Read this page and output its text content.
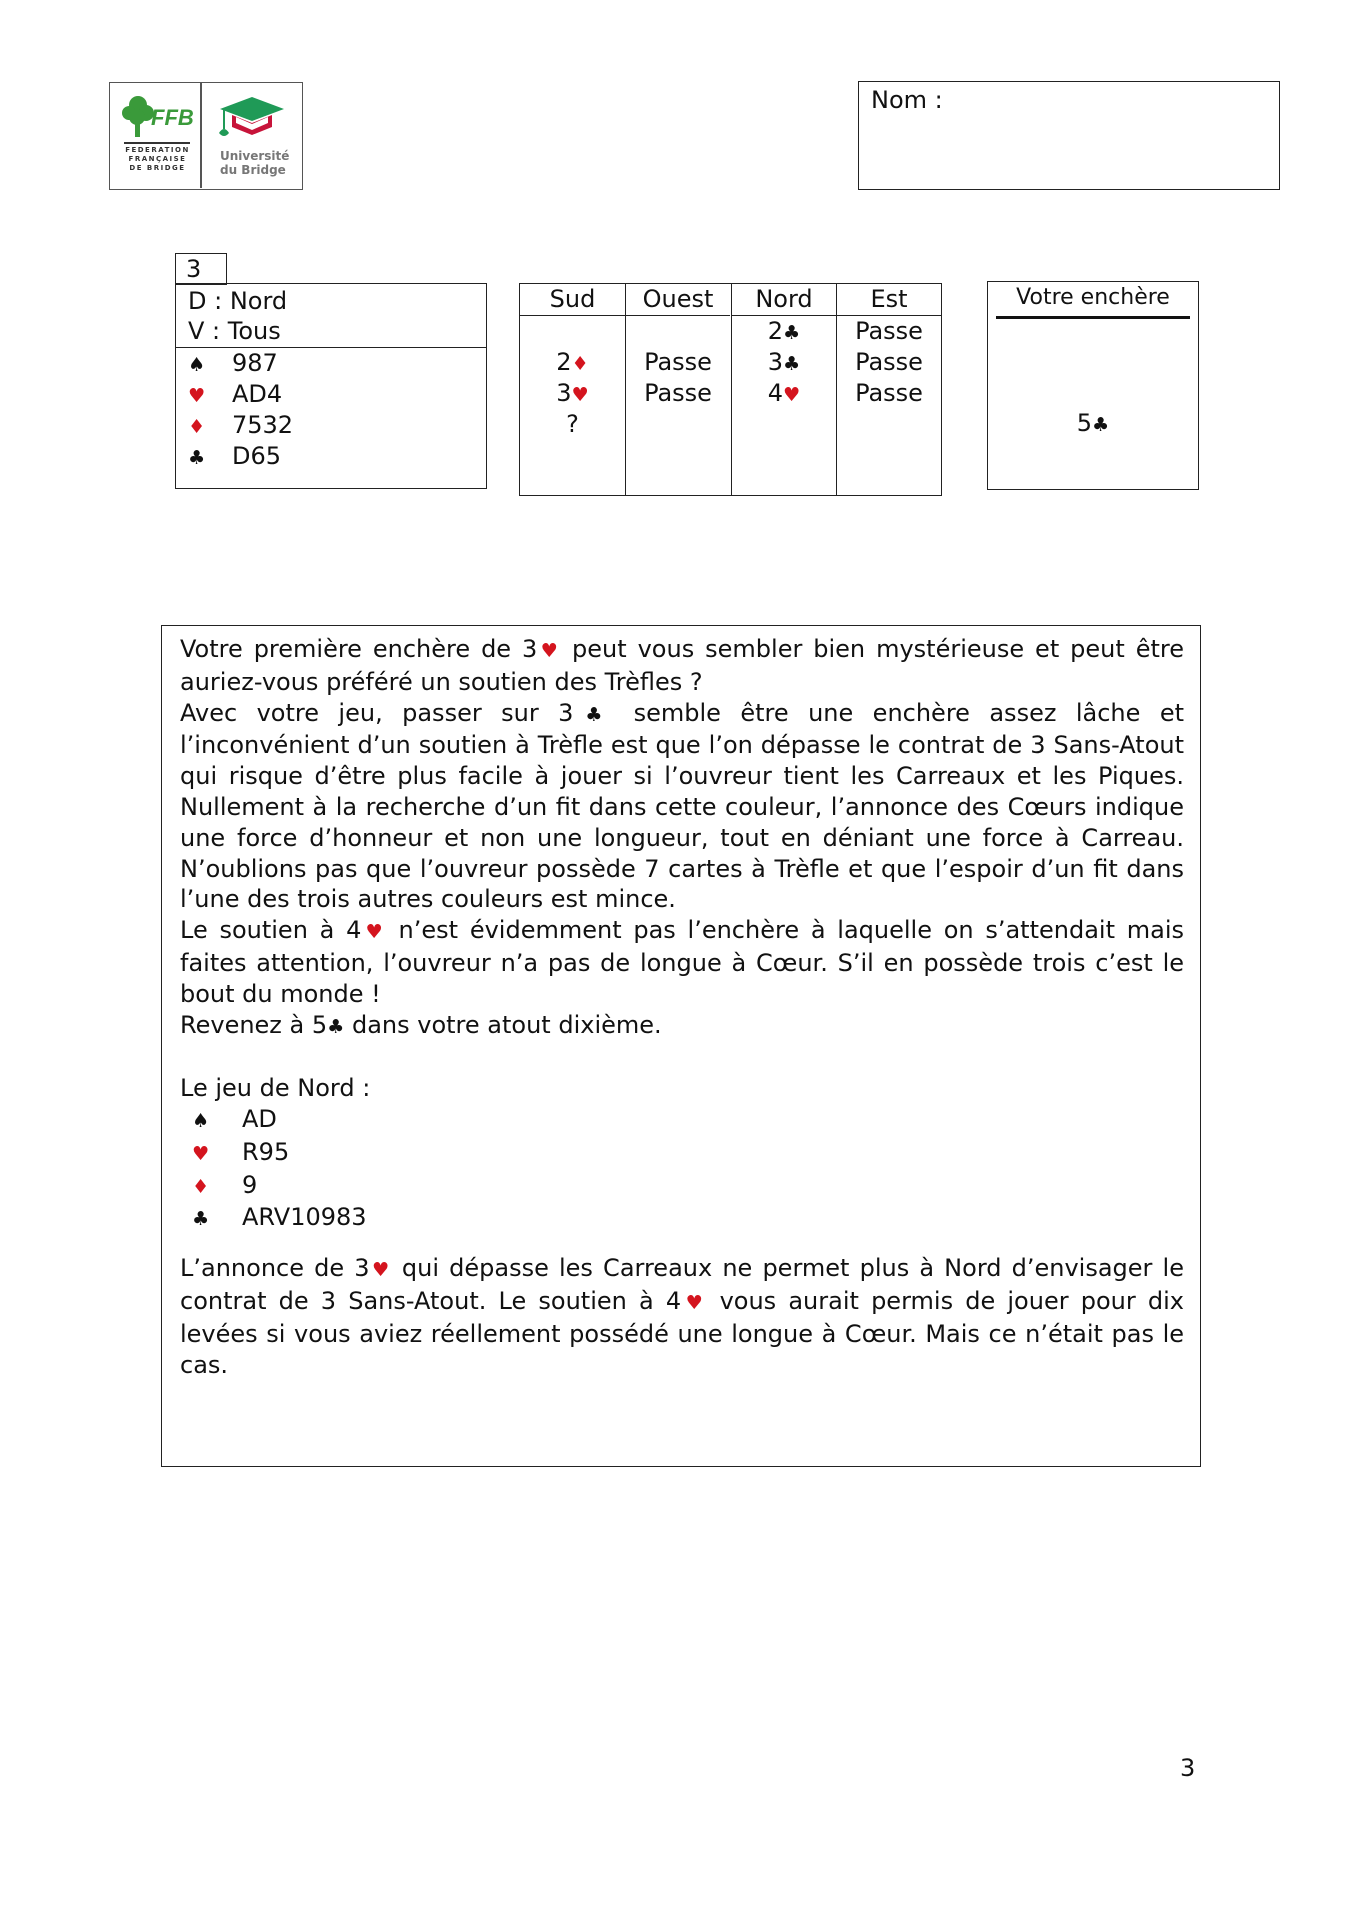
FFB
FEDERATION
FRANÇAISE
DE BRIDGE
Université
du Bridge
Nom :
3
D : Nord
V : Tous
♠ 987
♥ AD4
♦ 7532
♣ D65
Sud
2♦
3♥
?
Ouest
Passe
Passe
Nord
2♣
3♣
4♥
Est
Passe
Passe
Passe
Votre enchère
5♣

Votre première enchère de 3♥ peut vous sembler bien mystérieuse et peut être auriez-vous préféré un soutien des Trèfles ?

Avec votre jeu, passer sur 3♣ semble être une enchère assez lâche et l’inconvénient d’un soutien à Trèfle est que l’on dépasse le contrat de 3 Sans-Atout qui risque d’être plus facile à jouer si l’ouvreur tient les Carreaux et les Piques. Nullement à la recherche d’un fit dans cette couleur, l’annonce des Cœurs indique une force d’honneur et non une longueur, tout en déniant une force à Carreau. N’oublions pas que l’ouvreur possède 7 cartes à Trèfle et que l’espoir d’un fit dans l’une des trois autres couleurs est mince.

Le soutien à 4♥ n’est évidemment pas l’enchère à laquelle on s’attendait mais faites attention, l’ouvreur n’a pas de longue à Cœur. S’il en possède trois c’est le bout du monde !

Revenez à 5♣ dans votre atout dixième.

Le jeu de Nord :

♠ AD

♥ R95

♦ 9

♣ ARV10983

L’annonce de 3♥ qui dépasse les Carreaux ne permet plus à Nord d’envisager le contrat de 3 Sans-Atout. Le soutien à 4♥ vous aurait permis de jouer pour dix levées si vous aviez réellement possédé une longue à Cœur. Mais ce n’était pas le cas.

3
